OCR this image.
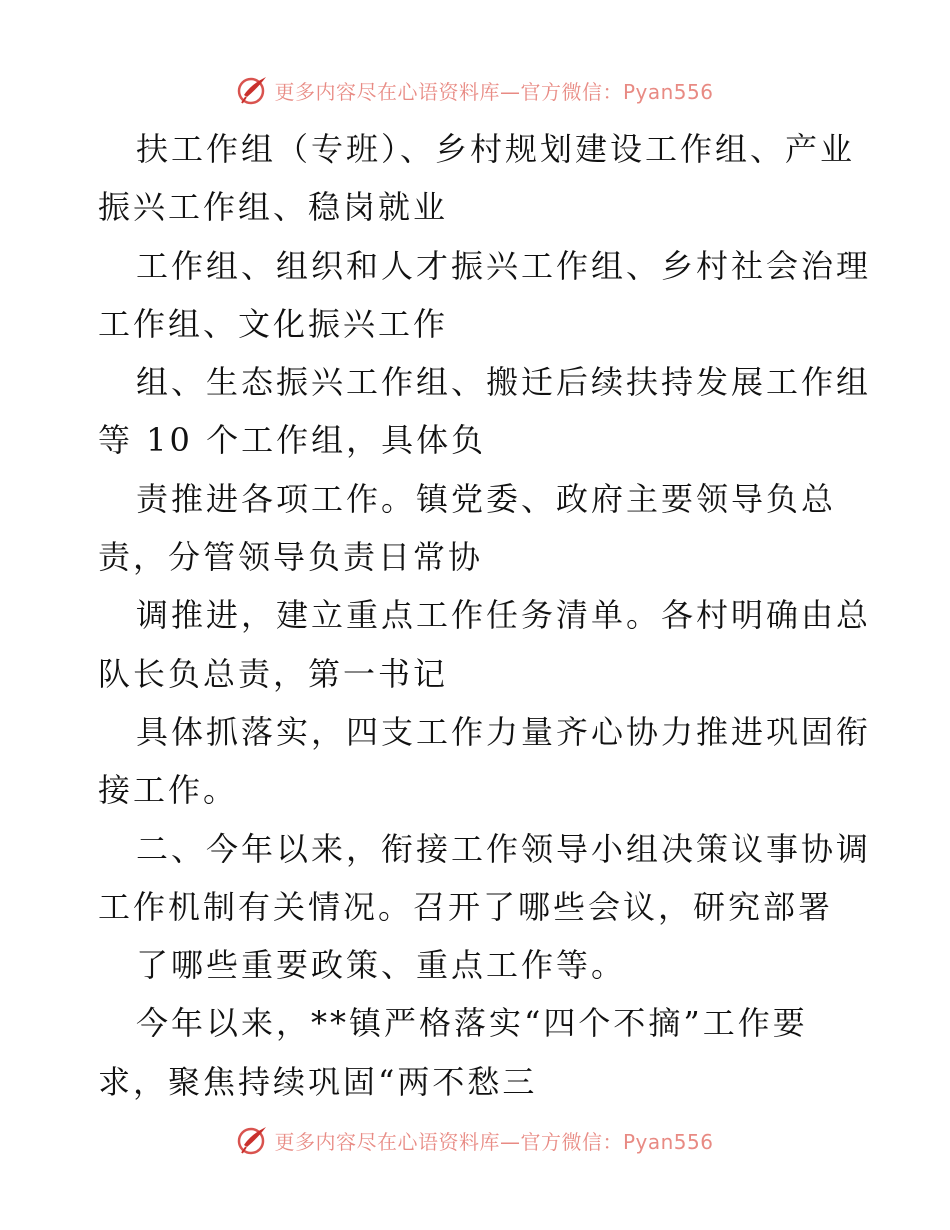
更多内容尽在心语资料库—官方微信：Pyan556
扶工作组（专班）、乡村规划建设工作组、产业
振兴工作组、稳岗就业
工作组、组织和人才振兴工作组、乡村社会治理
工作组、文化振兴工作
组、生态振兴工作组、搬迁后续扶持发展工作组
等 10 个工作组，具体负
责推进各项工作。镇党委、政府主要领导负总
责，分管领导负责日常协
调推进，建立重点工作任务清单。各村明确由总
队长负总责，第一书记
具体抓落实，四支工作力量齐心协力推进巩固衔
接工作。
二、今年以来，衔接工作领导小组决策议事协调
工作机制有关情况。召开了哪些会议，研究部署
了哪些重要政策、重点工作等。
今年以来，**镇严格落实“四个不摘”工作要
求，聚焦持续巩固“两不愁三
更多内容尽在心语资料库—官方微信：Pyan556
